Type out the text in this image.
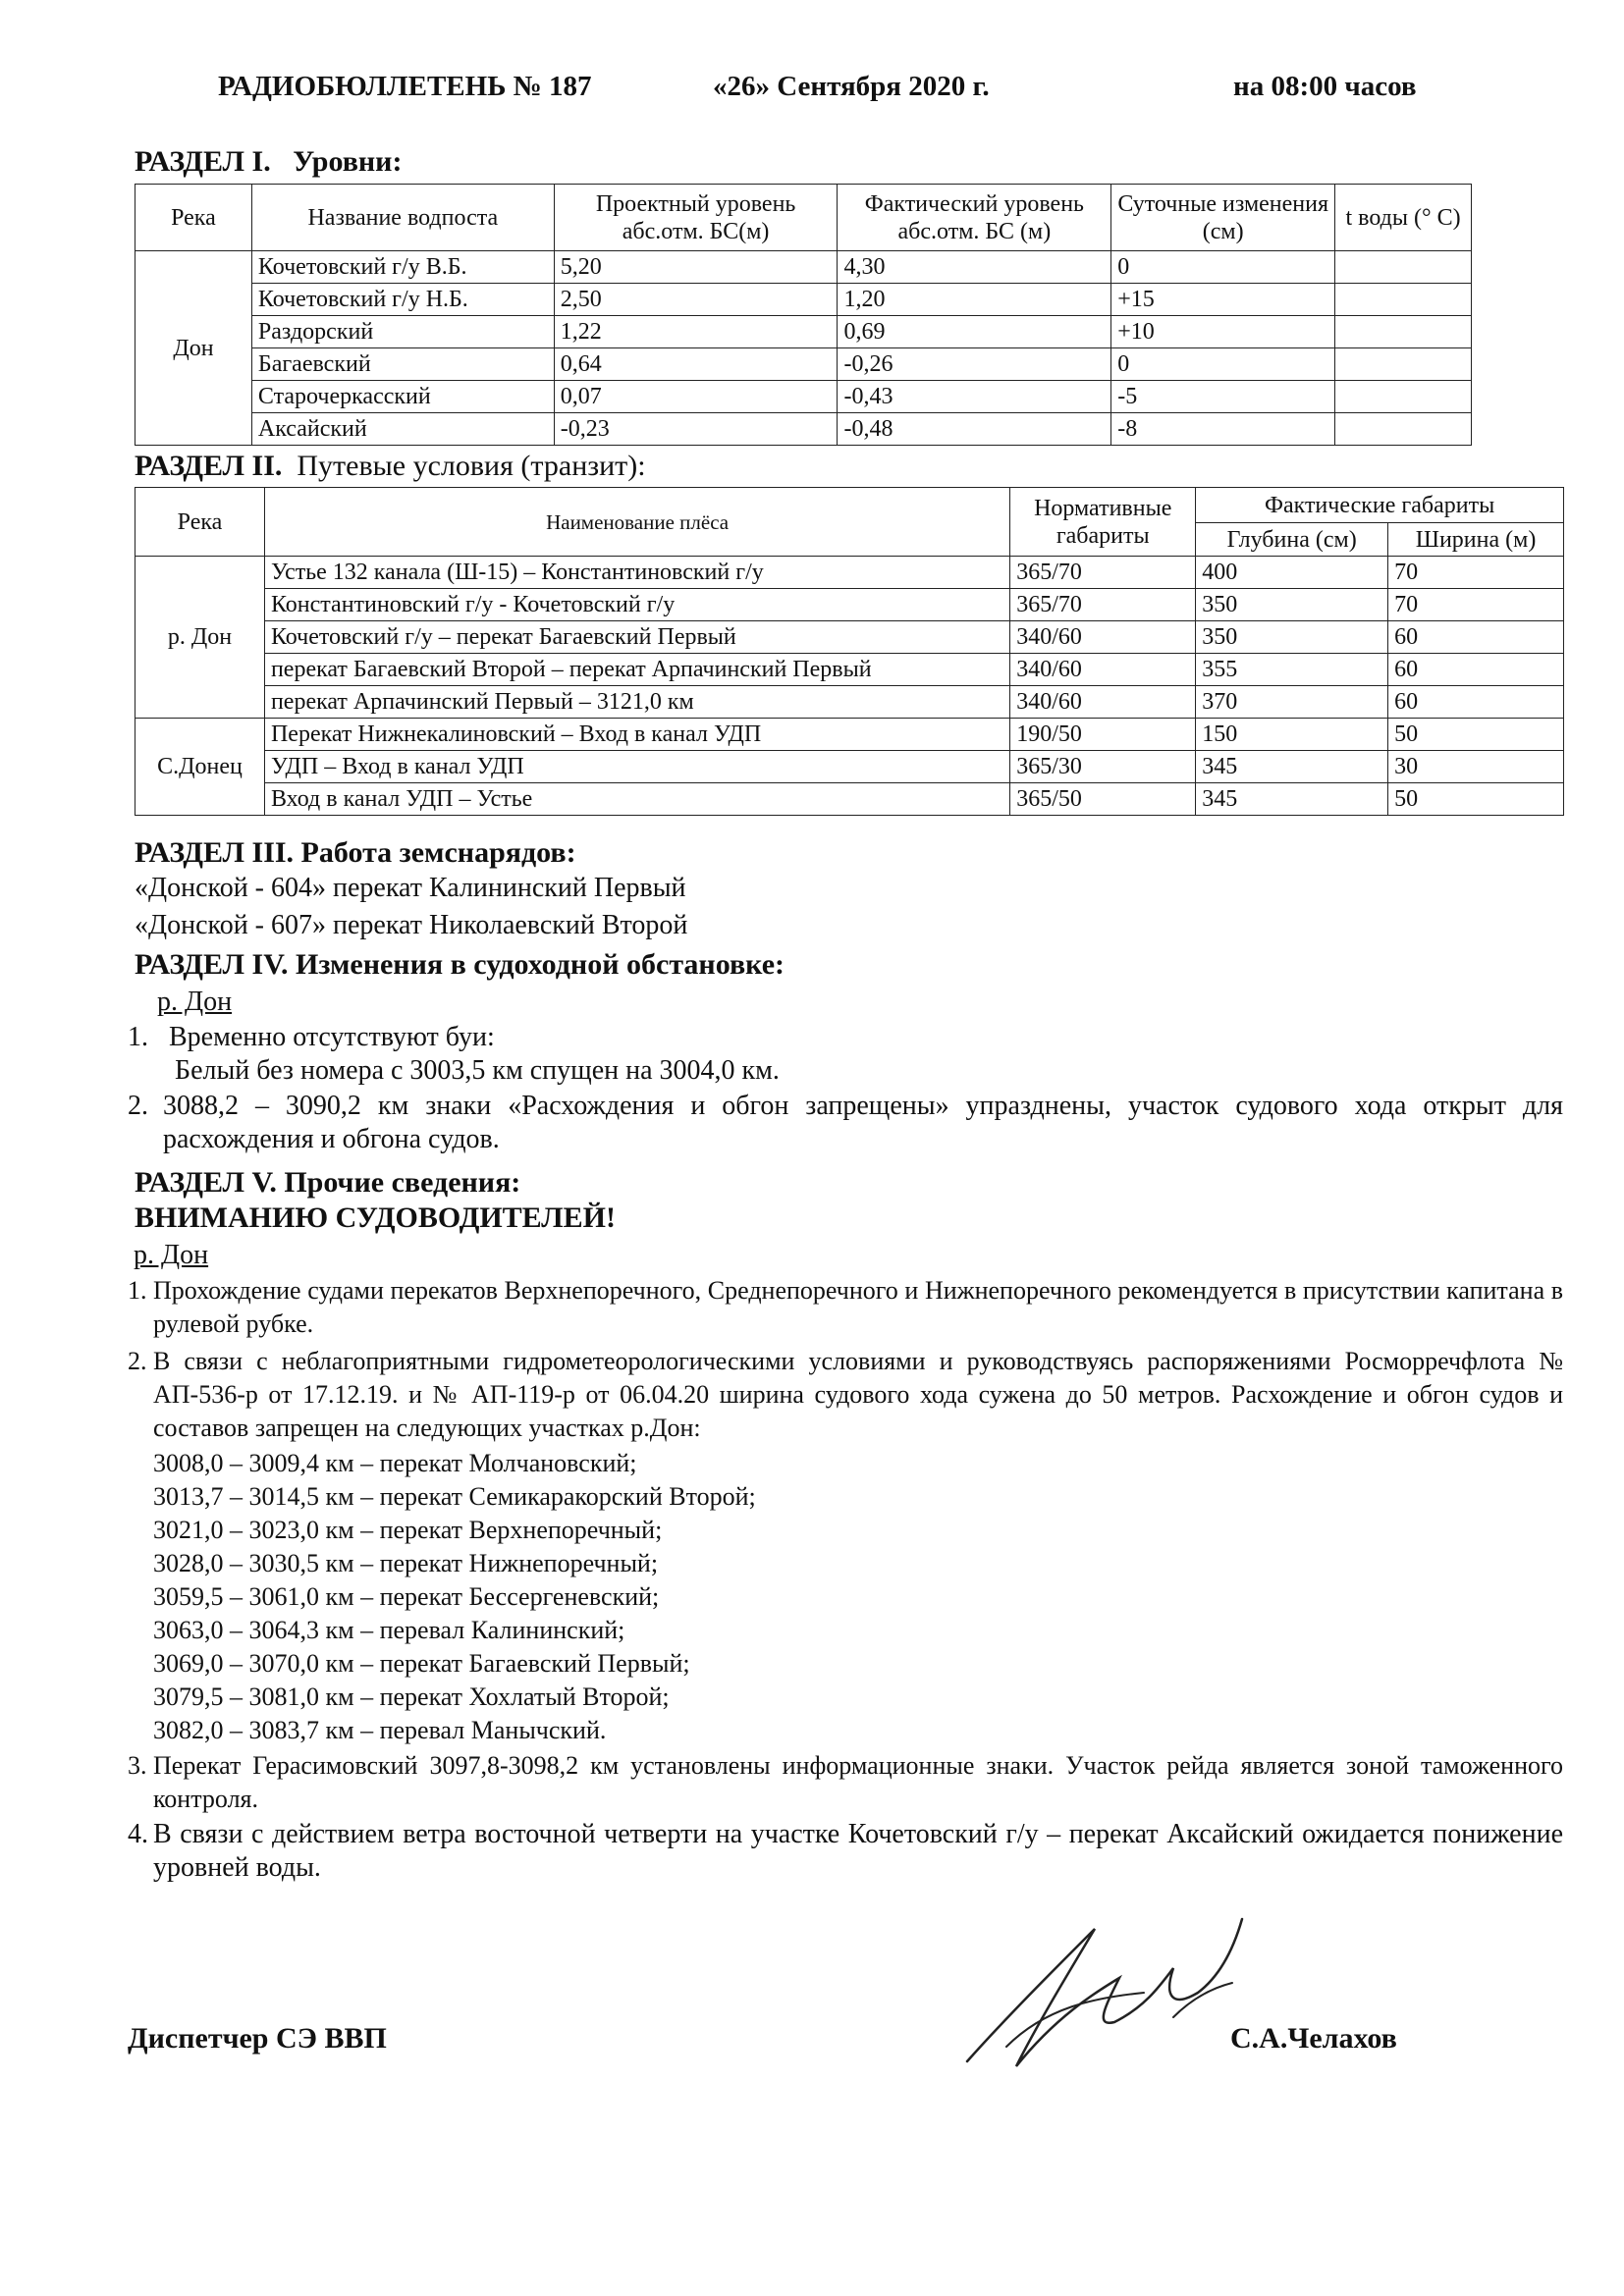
РАДИОБЮЛЛЕТЕНЬ № 187	«26» Сентября 2020 г.	на 08:00 часов
РАЗДЕЛ I. Уровни:
Река	Название водпоста	Проектный уровень абс.отм. БС(м)	Фактический уровень абс.отм. БС (м)	Суточные изменения (см)	t воды (° С)
Дон	Кочетовский г/у В.Б.	5,20	4,30	0	
	Кочетовский г/у Н.Б.	2,50	1,20	+15	
	Раздорский	1,22	0,69	+10	
	Багаевский	0,64	-0,26	0	
	Старочеркасский	0,07	-0,43	-5	
	Аксайский	-0,23	-0,48	-8	
РАЗДЕЛ II. Путевые условия (транзит):
Река	Наименование плёса	Нормативные габариты	Фактические габариты	
			Глубина (см)	Ширина (м)
р. Дон	Устье 132 канала (Ш-15) – Константиновский г/у	365/70	400	70
	Константиновский г/у - Кочетовский г/у	365/70	350	70
	Кочетовский г/у – перекат Багаевский Первый	340/60	350	60
	перекат Багаевский Второй – перекат Арпачинский Первый	340/60	355	60
	перекат Арпачинский Первый – 3121,0 км	340/60	370	60
С.Донец	Перекат Нижнекалиновский – Вход в канал УДП	190/50	150	50
	УДП – Вход в канал УДП	365/30	345	30
	Вход в канал УДП – Устье	365/50	345	50
РАЗДЕЛ III. Работа земснарядов:
«Донской - 604» перекат Калининский Первый
«Донской - 607» перекат Николаевский Второй
РАЗДЕЛ IV. Изменения в судоходной обстановке:
р. Дон
1. Временно отсутствуют буи:
Белый без номера с 3003,5 км спущен на 3004,0 км.
2. 3088,2 – 3090,2 км знаки «Расхождения и обгон запрещены» упразднены, участок судового хода открыт для расхождения и обгона судов.
РАЗДЕЛ V. Прочие сведения:
ВНИМАНИЮ СУДОВОДИТЕЛЕЙ!
р. Дон
1. Прохождение судами перекатов Верхнепоречного, Среднепоречного и Нижнепоречного рекомендуется в присутствии капитана в рулевой рубке.
2. В связи с неблагоприятными гидрометеорологическими условиями и руководствуясь распоряжениями Росморречфлота № АП-536-р от 17.12.19. и № АП-119-р от 06.04.20 ширина судового хода сужена до 50 метров. Расхождение и обгон судов и составов запрещен на следующих участках р.Дон:
3008,0 – 3009,4 км – перекат Молчановский;
3013,7 – 3014,5 км – перекат Семикаракорский Второй;
3021,0 – 3023,0 км – перекат Верхнепоречный;
3028,0 – 3030,5 км – перекат Нижнепоречный;
3059,5 – 3061,0 км – перекат Бессергеневский;
3063,0 – 3064,3 км – перевал Калининский;
3069,0 – 3070,0 км – перекат Багаевский Первый;
3079,5 – 3081,0 км – перекат Хохлатый Второй;
3082,0 – 3083,7 км – перевал Манычский.
3. Перекат Герасимовский 3097,8-3098,2 км установлены информационные знаки. Участок рейда является зоной таможенного контроля.
4. В связи с действием ветра восточной четверти на участке Кочетовский г/у – перекат Аксайский ожидается понижение уровней воды.
Диспетчер СЭ ВВП	С.А.Челахов
